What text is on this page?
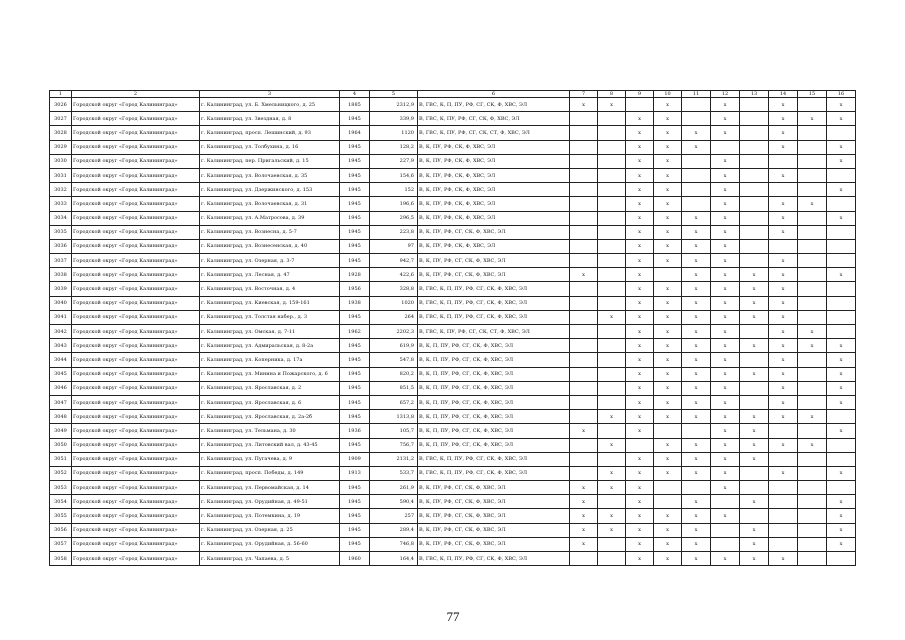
1	2	3	4	5	6	7	8	9	10	11	12	13	14	15	16
3026	Городской округ «Город Калининград»	г. Калининград, ул. Б. Хмельницкого, д. 25	1885	2312,9	В, ГВС, К, П, ПУ, РФ, СГ, СК, Ф, ХВС, ЭЛ	х	х		х		х		х		х
3027	Городской округ «Город Калининград»	г. Калининград, ул. Звездная, д. 8	1945	339,9	В, ГВС, К, ПУ, РФ, СГ, СК, Ф, ХВС, ЭЛ			х	х		х		х	х	х
3028	Городской округ «Город Калининград»	г. Калининград, просп. Лешинский, д. 93	1964	1120	В, ГВС, К, ПУ, РФ, СГ, СК, СТ, Ф, ХВС, ЭЛ			х	х	х	х		х		
3029	Городской округ «Город Калининград»	г. Калининград, ул. Толбухина, д. 16	1945	128,2	В, К, ПУ, РФ, СК, Ф, ХВС, ЭЛ			х	х	х			х		х
3030	Городской округ «Город Калининград»	г. Калининград, пер. Пригальский, д. 15	1945	227,9	В, К, ПУ, РФ, СК, Ф, ХВС, ЭЛ			х	х		х				х
3031	Городской округ «Город Калининград»	г. Калининград, ул. Волочаевская, д. 35	1945	154,6	В, К, ПУ, РФ, СК, Ф, ХВС, ЭЛ			х	х		х		х		
3032	Городской округ «Город Калининград»	г. Калининград, ул. Дзержинского, д. 153	1945	152	В, К, ПУ, РФ, СК, Ф, ХВС, ЭЛ			х	х		х				х
3033	Городской округ «Город Калининград»	г. Калининград, ул. Волочаевская, д. 31	1945	196,6	В, К, ПУ, РФ, СК, Ф, ХВС, ЭЛ			х	х		х		х	х	
3034	Городской округ «Город Калининград»	г. Калининград, ул. А.Матросова, д. 39	1945	296,5	В, К, ПУ, РФ, СК, Ф, ХВС, ЭЛ			х	х	х	х		х		х
3035	Городской округ «Город Калининград»	г. Калининград, ул. Вознесна, д. 5-7	1945	223,8	В, К, ПУ, РФ, СГ, СК, Ф, ХВС, ЭЛ			х	х	х	х		х		
3036	Городской округ «Город Калининград»	г. Калининград, ул. Вознесенская, д. 40	1945	97	В, К, ПУ, РФ, СК, Ф, ХВС, ЭЛ			х	х	х	х				
3037	Городской округ «Город Калининград»	г. Калининград, ул. Озерная, д. 3-7	1945	942,7	В, К, ПУ, РФ, СГ, СК, Ф, ХВС, ЭЛ			х	х	х	х		х		
3038	Городской округ «Город Калининград»	г. Калининград, ул. Лесная, д. 47	1928	422,6	В, К, ПУ, РФ, СГ, СК, Ф, ХВС, ЭЛ	х		х		х	х	х	х		х
3039	Городской округ «Город Калининград»	г. Калининград, ул. Восточная, д. 4	1956	328,8	В, ГВС, К, П, ПУ, РФ, СГ, СК, Ф, ХВС, ЭЛ			х	х	х	х	х	х		
3040	Городской округ «Город Калининград»	г. Калининград, ул. Киевская, д. 159-161	1938	1020	В, ГВС, К, П, ПУ, РФ, СГ, СК, Ф, ХВС, ЭЛ			х	х	х	х	х	х		
3041	Городской округ «Город Калининград»	г. Калининград, ул. Толстая набер., д. 3	1945	264	В, ГВС, К, П, ПУ, РФ, СГ, СК, Ф, ХВС, ЭЛ		х	х	х	х	х	х	х		
3042	Городской округ «Город Калининград»	г. Калининград, ул. Омская, д. 7-11	1962	2202,3	В, ГВС, К, ПУ, РФ, СГ, СК, СТ, Ф, ХВС, ЭЛ			х	х	х	х		х	х	
3043	Городской округ «Город Калининград»	г. Калининград, ул. Адмиральская, д. 8-2а	1945	619,9	В, К, П, ПУ, РФ, СГ, СК, Ф, ХВС, ЭЛ			х	х	х	х	х	х	х	х
3044	Городской округ «Город Калининград»	г. Калининград, ул. Коперника, д. 17а	1945	547,8	В, К, П, ПУ, РФ, СГ, СК, Ф, ХВС, ЭЛ			х	х	х	х		х		х
3045	Городской округ «Город Калининград»	г. Калининград, ул. Минина и Пожарского, д. 6	1945	820,2	В, К, П, ПУ, РФ, СГ, СК, Ф, ХВС, ЭЛ			х	х	х	х	х	х		х
3046	Городской округ «Город Калининград»	г. Калининград, ул. Ярославская, д. 2	1945	851,5	В, К, П, ПУ, РФ, СГ, СК, Ф, ХВС, ЭЛ			х	х	х	х		х		х
3047	Городской округ «Город Калининград»	г. Калининград, ул. Ярославская, д. 6	1945	657,2	В, К, П, ПУ, РФ, СГ, СК, Ф, ХВС, ЭЛ			х	х	х	х		х		х
3048	Городской округ «Город Калининград»	г. Калининград, ул. Ярославская, д. 2а-2б	1945	1313,8	В, К, П, ПУ, РФ, СГ, СК, Ф, ХВС, ЭЛ		х	х	х	х	х	х	х	х	
3049	Городской округ «Город Калининград»	г. Калининград, ул. Тельмана, д. 30	1936	105,7	В, К, П, ПУ, РФ, СГ, СК, Ф, ХВС, ЭЛ	х		х			х	х			х
3050	Городской округ «Город Калининград»	г. Калининград, ул. Литовский вал, д. 43-45	1945	756,7	В, К, П, ПУ, РФ, СГ, СК, Ф, ХВС, ЭЛ		х		х	х	х	х	х	х	
3051	Городской округ «Город Калининград»	г. Калининград, ул. Пугачева, д. 9	1909	2131,2	В, ГВС, К, П, ПУ, РФ, СГ, СК, Ф, ХВС, ЭЛ			х	х	х	х	х			
3052	Городской округ «Город Калининград»	г. Калининград, просп. Победы, д. 149	1913	533,7	В, ГВС, К, П, ПУ, РФ, СГ, СК, Ф, ХВС, ЭЛ		х	х	х	х	х		х		х
3053	Городской округ «Город Калининград»	г. Калининград, ул. Первомайская, д. 14	1945	261,9	В, К, ПУ, РФ, СГ, СК, Ф, ХВС, ЭЛ	х	х	х			х				
3054	Городской округ «Город Калининград»	г. Калининград, ул. Орудийная, д. 49-51	1945	590,4	В, К, ПУ, РФ, СГ, СК, Ф, ХВС, ЭЛ	х		х		х		х			х
3055	Городской округ «Город Калининград»	г. Калининград, ул. Потемкина, д. 19	1945	257	В, К, ПУ, РФ, СГ, СК, Ф, ХВС, ЭЛ	х	х	х	х	х	х				х
3056	Городской округ «Город Калининград»	г. Калининград, ул. Озерная, д. 25	1945	289,4	В, К, ПУ, РФ, СГ, СК, Ф, ХВС, ЭЛ	х	х	х	х	х		х			х
3057	Городской округ «Город Калининград»	г. Калининград, ул. Орудийная, д. 56-60	1945	746,8	В, К, ПУ, РФ, СГ, СК, Ф, ХВС, ЭЛ	х		х	х	х		х			х
3058	Городской округ «Город Калининград»	г. Калининград, ул. Чапаева, д. 5	1960	164,4	В, ГВС, К, П, ПУ, РФ, СГ, СК, Ф, ХВС, ЭЛ			х	х	х	х	х	х		
77
